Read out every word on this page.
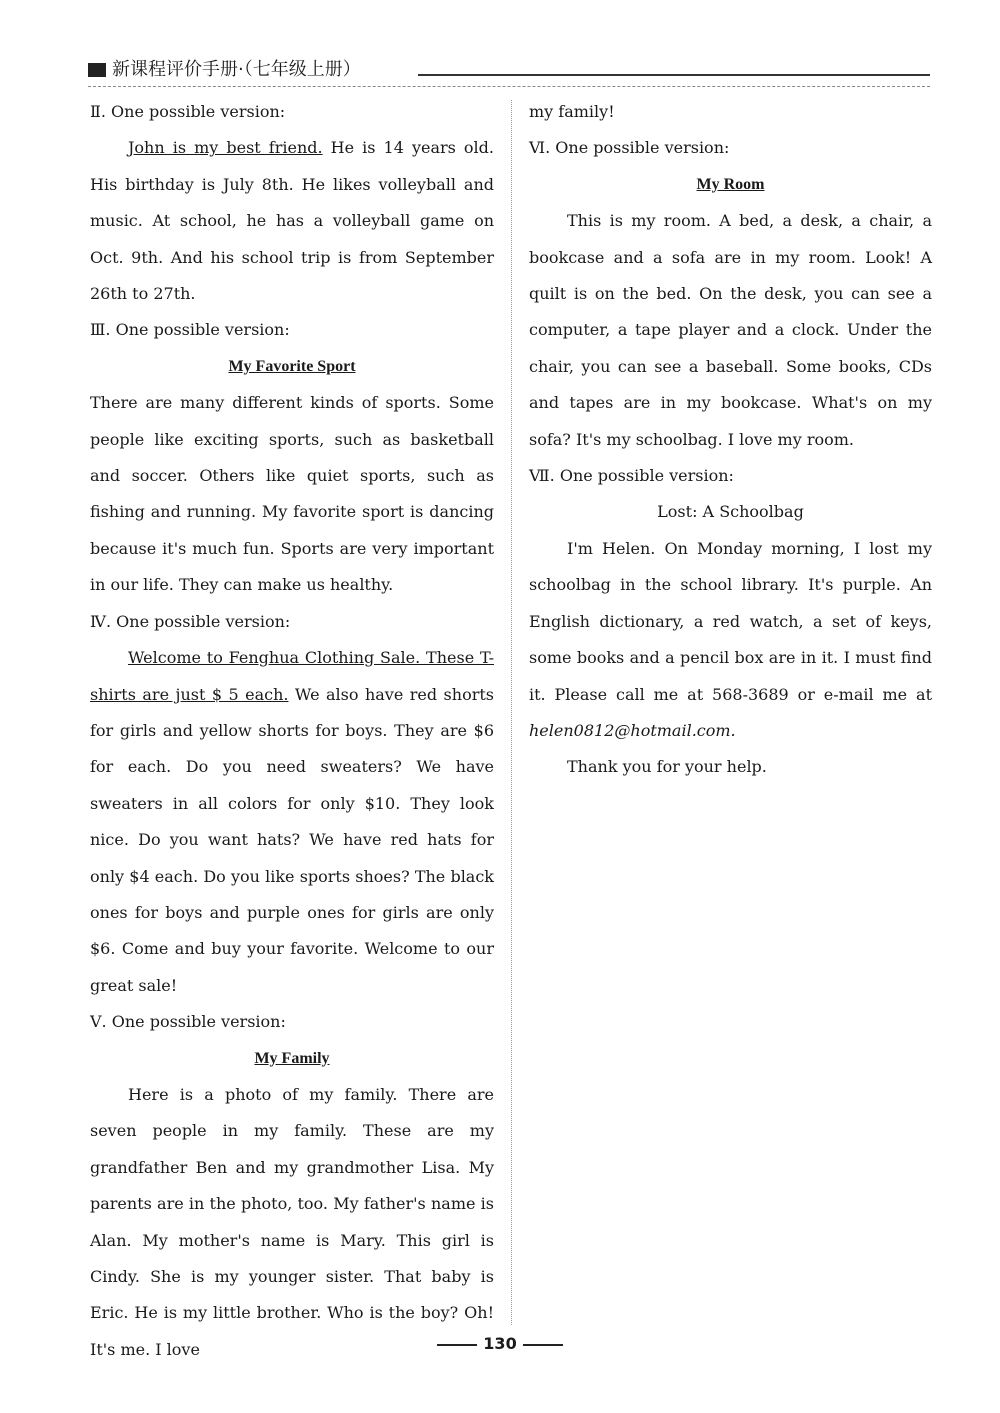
新课程评价手册·（七年级上册）

Ⅱ. One possible version:

John is my best friend. He is 14 years old. His birthday is July 8th. He likes volleyball and music. At school, he has a volleyball game on Oct. 9th. And his school trip is from September 26th to 27th.

Ⅲ. One possible version:

My Favorite Sport

There are many different kinds of sports. Some people like exciting sports, such as basketball and soccer. Others like quiet sports, such as fishing and running. My favorite sport is dancing because it's much fun. Sports are very important in our life. They can make us healthy.

Ⅳ. One possible version:

Welcome to Fenghua Clothing Sale. These T-shirts are just $ 5 each. We also have red shorts for girls and yellow shorts for boys. They are $6 for each. Do you need sweaters? We have sweaters in all colors for only $10. They look nice. Do you want hats? We have red hats for only $4 each. Do you like sports shoes? The black ones for boys and purple ones for girls are only $6. Come and buy your favorite. Welcome to our great sale!

Ⅴ. One possible version:

My Family

Here is a photo of my family. There are seven people in my family. These are my grandfather Ben and my grandmother Lisa. My parents are in the photo, too. My father's name is Alan. My mother's name is Mary. This girl is Cindy. She is my younger sister. That baby is Eric. He is my little brother. Who is the boy? Oh! It's me. I love

my family!

Ⅵ. One possible version:

My Room

This is my room. A bed, a desk, a chair, a bookcase and a sofa are in my room. Look! A quilt is on the bed. On the desk, you can see a computer, a tape player and a clock. Under the chair, you can see a baseball. Some books, CDs and tapes are in my bookcase. What's on my sofa? It's my schoolbag. I love my room.

Ⅶ. One possible version:

Lost: A Schoolbag

I'm Helen. On Monday morning, I lost my schoolbag in the school library. It's purple. An English dictionary, a red watch, a set of keys, some books and a pencil box are in it. I must find it. Please call me at 568-3689 or e-mail me at helen0812@hotmail.com.

Thank you for your help.

130
